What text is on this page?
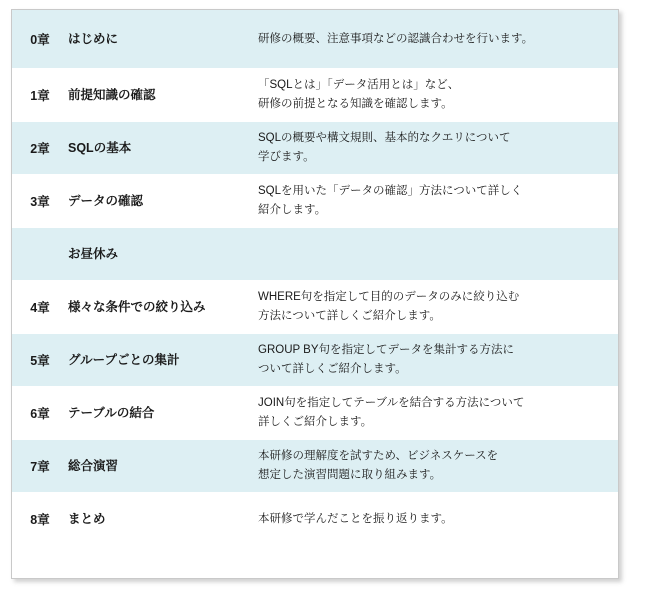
0章	はじめに	研修の概要、注意事項などの認識合わせを行います。

1章	前提知識の確認	「SQLとは」「データ活用とは」など、
研修の前提となる知識を確認します。

2章	SQLの基本	SQLの概要や構文規則、基本的なクエリについて
学びます。

3章	データの確認	SQLを用いた「データの確認」方法について詳しく
紹介します。

	お昼休み	

4章	様々な条件での絞り込み	WHERE句を指定して目的のデータのみに絞り込む
方法について詳しくご紹介します。

5章	グループごとの集計	GROUP BY句を指定してデータを集計する方法に
ついて詳しくご紹介します。

6章	テーブルの結合	JOIN句を指定してテーブルを結合する方法について
詳しくご紹介します。

7章	総合演習	本研修の理解度を試すため、ビジネスケースを
想定した演習問題に取り組みます。

8章	まとめ	本研修で学んだことを振り返ります。
